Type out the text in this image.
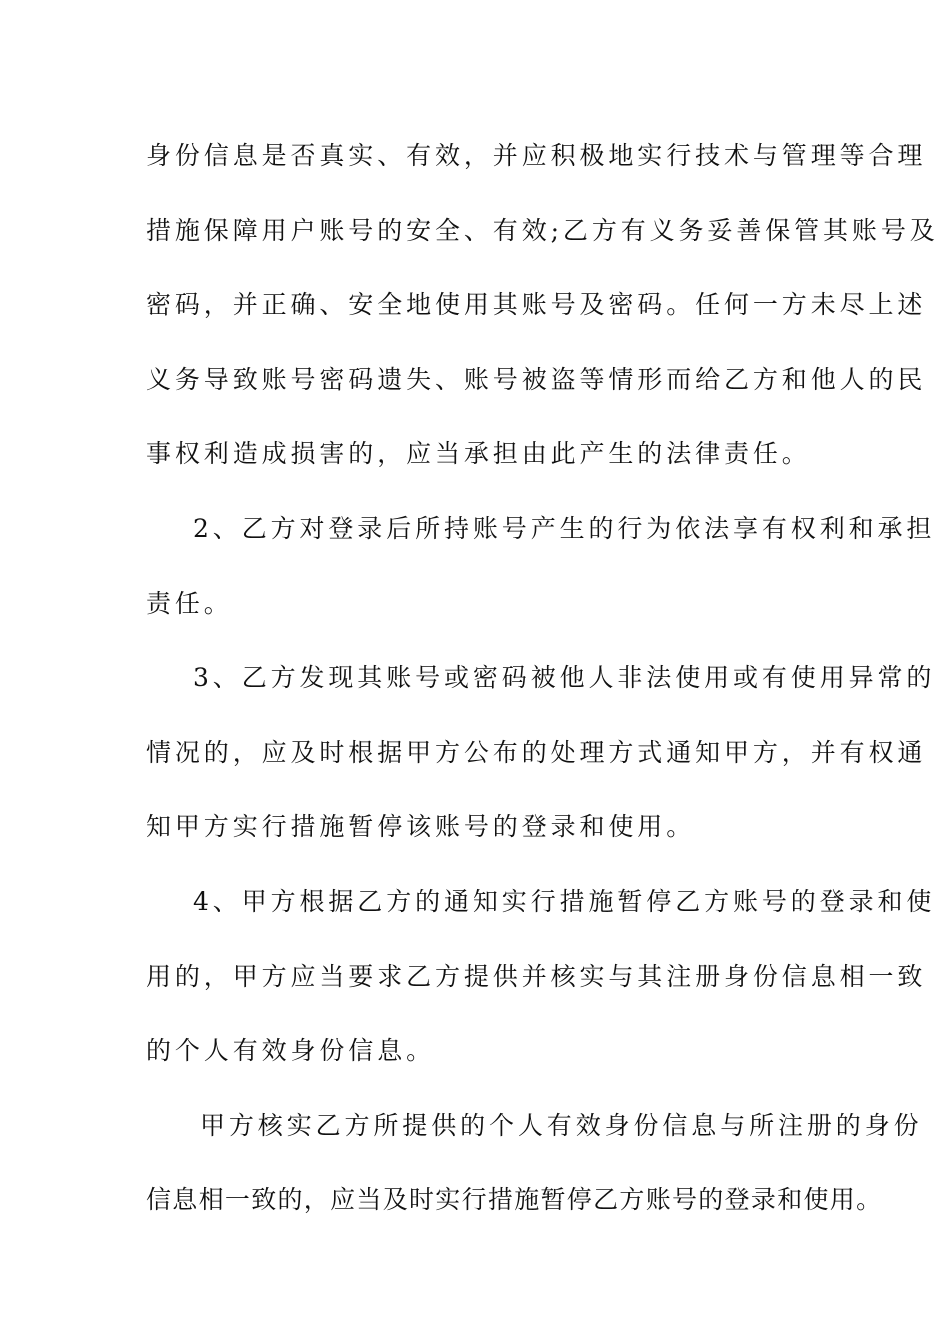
身份信息是否真实、有效，并应积极地实行技术与管理等合理
措施保障用户账号的安全、有效;乙方有义务妥善保管其账号及
密码，并正确、安全地使用其账号及密码。任何一方未尽上述
义务导致账号密码遗失、账号被盗等情形而给乙方和他人的民
事权利造成损害的，应当承担由此产生的法律责任。
2、乙方对登录后所持账号产生的行为依法享有权利和承担
责任。
3、乙方发现其账号或密码被他人非法使用或有使用异常的
情况的，应及时根据甲方公布的处理方式通知甲方，并有权通
知甲方实行措施暂停该账号的登录和使用。
4、甲方根据乙方的通知实行措施暂停乙方账号的登录和使
用的，甲方应当要求乙方提供并核实与其注册身份信息相一致
的个人有效身份信息。
甲方核实乙方所提供的个人有效身份信息与所注册的身份
信息相一致的，应当及时实行措施暂停乙方账号的登录和使用。
